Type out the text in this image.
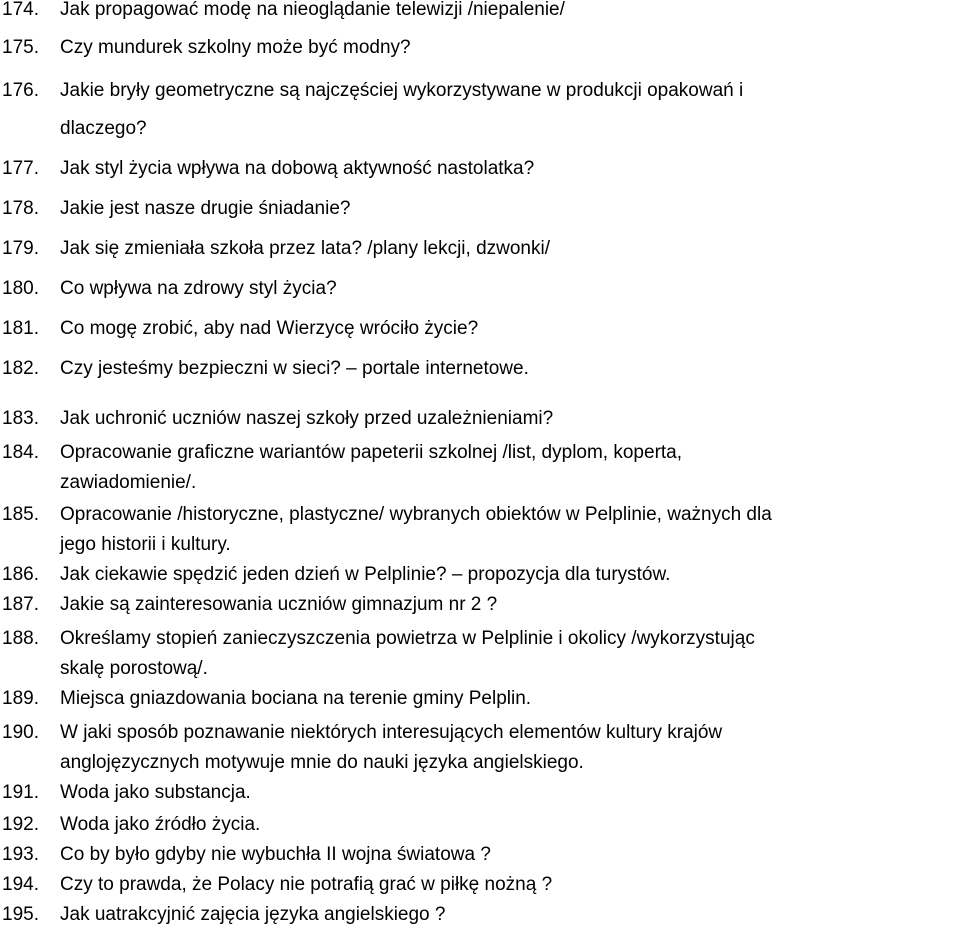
174. Jak propagować modę na nieoglądanie telewizji /niepalenie/
175. Czy mundurek szkolny może być modny?
176. Jakie bryły geometryczne są najczęściej wykorzystywane w produkcji opakowań i
dlaczego?
177. Jak styl życia wpływa na dobową aktywność nastolatka?
178. Jakie jest nasze drugie śniadanie?
179. Jak się zmieniała szkoła przez lata? /plany lekcji, dzwonki/
180. Co wpływa na zdrowy styl życia?
181. Co mogę zrobić, aby nad Wierzycę wróciło życie?
182. Czy jesteśmy bezpieczni w sieci? – portale internetowe.
183. Jak uchronić uczniów naszej szkoły przed uzależnieniami?
184. Opracowanie graficzne wariantów papeterii szkolnej /list, dyplom, koperta,
zawiadomienie/.
185. Opracowanie /historyczne, plastyczne/ wybranych obiektów w Pelplinie, ważnych dla
jego historii i kultury.
186. Jak ciekawie spędzić jeden dzień w Pelplinie? – propozycja dla turystów.
187. Jakie są zainteresowania uczniów gimnazjum nr 2 ?
188. Określamy stopień zanieczyszczenia powietrza w Pelplinie i okolicy /wykorzystując
skalę porostową/.
189. Miejsca gniazdowania bociana na terenie gminy Pelplin.
190. W jaki sposób poznawanie niektórych interesujących elementów kultury krajów
anglojęzycznych motywuje mnie do nauki języka angielskiego.
191. Woda jako substancja.
192. Woda jako źródło życia.
193. Co by było gdyby nie wybuchła II wojna światowa ?
194. Czy to prawda, że Polacy nie potrafią grać w piłkę nożną ?
195. Jak uatrakcyjnić zajęcia języka angielskiego ?
